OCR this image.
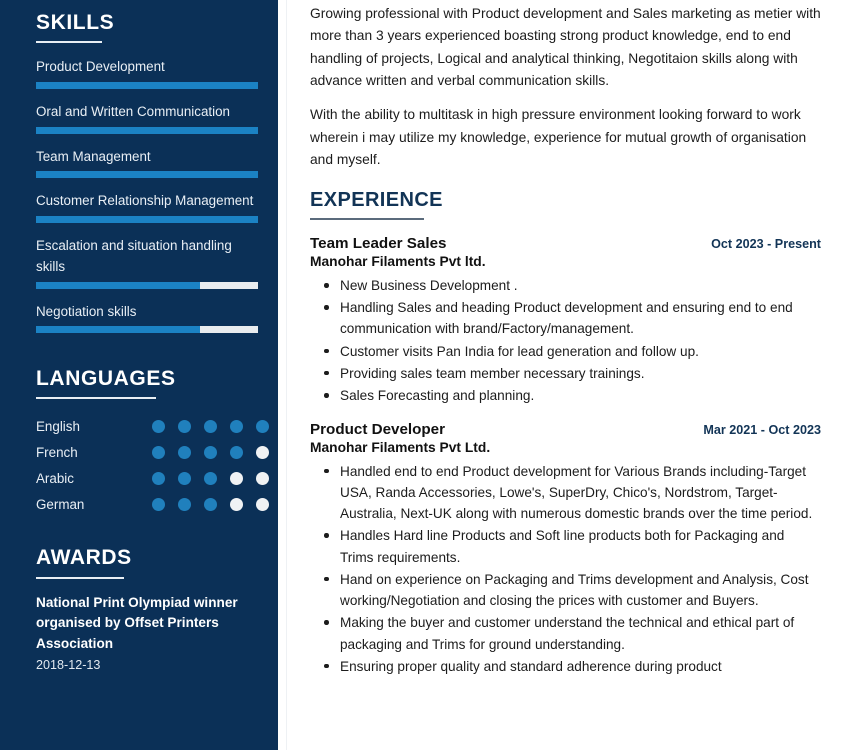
SKILLS
Product Development
Oral and Written Communication
Team Management
Customer Relationship Management
Escalation and situation handling skills
Negotiation skills
LANGUAGES
English
French
Arabic
German
AWARDS
National Print Olympiad winner organised by Offset Printers Association
2018-12-13

Growing professional with Product development and Sales marketing as metier with more than 3 years experienced boasting strong product knowledge, end to end handling of projects, Logical and analytical thinking, Negotitaion skills along with advance written and verbal communication skills.

With the ability to multitask in high pressure environment looking forward to work wherein i may utilize my knowledge, experience for mutual growth of organisation and myself.

EXPERIENCE
Team Leader Sales	Oct 2023 - Present
Manohar Filaments Pvt ltd.
New Business Development .
Handling Sales and heading Product development and ensuring end to end communication with brand/Factory/management.
Customer visits Pan India for lead generation and follow up.
Providing sales team member necessary trainings.
Sales Forecasting and planning.
Product Developer	Mar 2021 - Oct 2023
Manohar Filaments Pvt Ltd.
Handled end to end Product development for Various Brands including-Target USA, Randa Accessories, Lowe's, SuperDry, Chico's, Nordstrom, Target-Australia, Next-UK along with numerous domestic brands over the time period.
Handles Hard line Products and Soft line products both for Packaging and Trims requirements.
Hand on experience on Packaging and Trims development and Analysis, Cost working/Negotiation and closing the prices with customer and Buyers.
Making the buyer and customer understand the technical and ethical part of packaging and Trims for ground understanding.
Ensuring proper quality and standard adherence during product
